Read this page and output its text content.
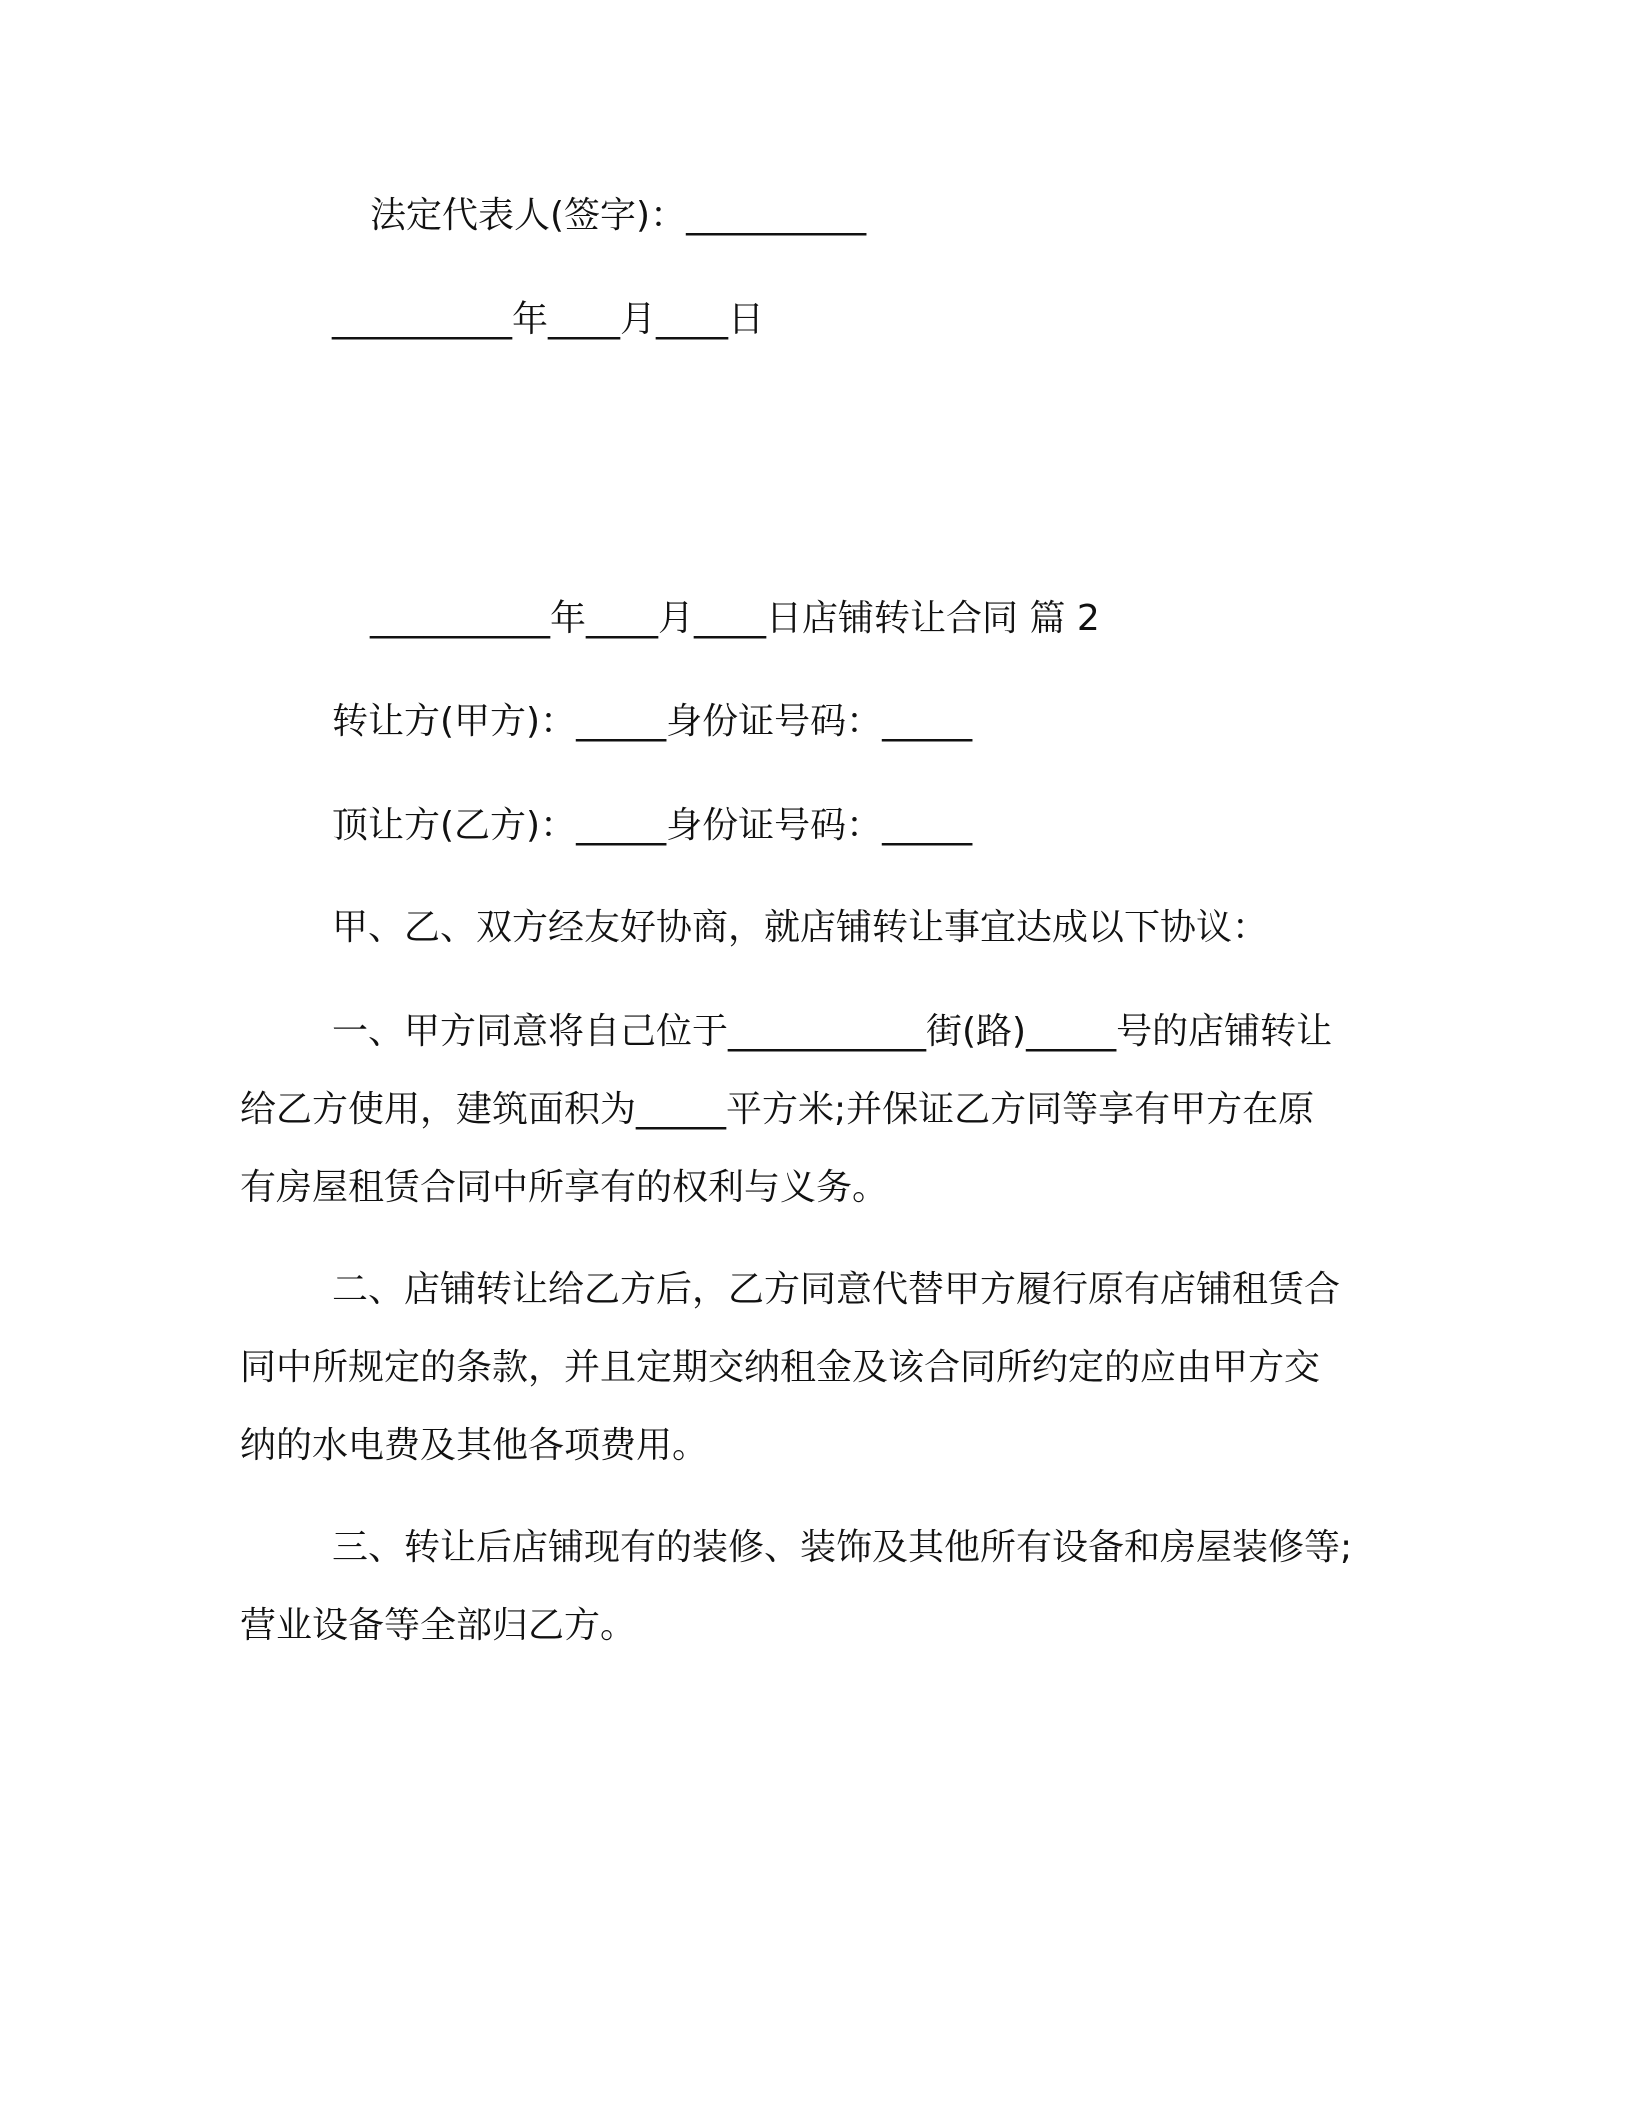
法定代表人(签字)：__________
__________年____月____日
__________年____月____日店铺转让合同 篇 2
转让方(甲方)：_____身份证号码：_____
顶让方(乙方)：_____身份证号码：_____
甲、乙、双方经友好协商，就店铺转让事宜达成以下协议：
一、甲方同意将自己位于___________街(路)_____号的店铺转让
给乙方使用，建筑面积为_____平方米;并保证乙方同等享有甲方在原
有房屋租赁合同中所享有的权利与义务。
二、店铺转让给乙方后，乙方同意代替甲方履行原有店铺租赁合
同中所规定的条款，并且定期交纳租金及该合同所约定的应由甲方交
纳的水电费及其他各项费用。
三、转让后店铺现有的装修、装饰及其他所有设备和房屋装修等;
营业设备等全部归乙方。
